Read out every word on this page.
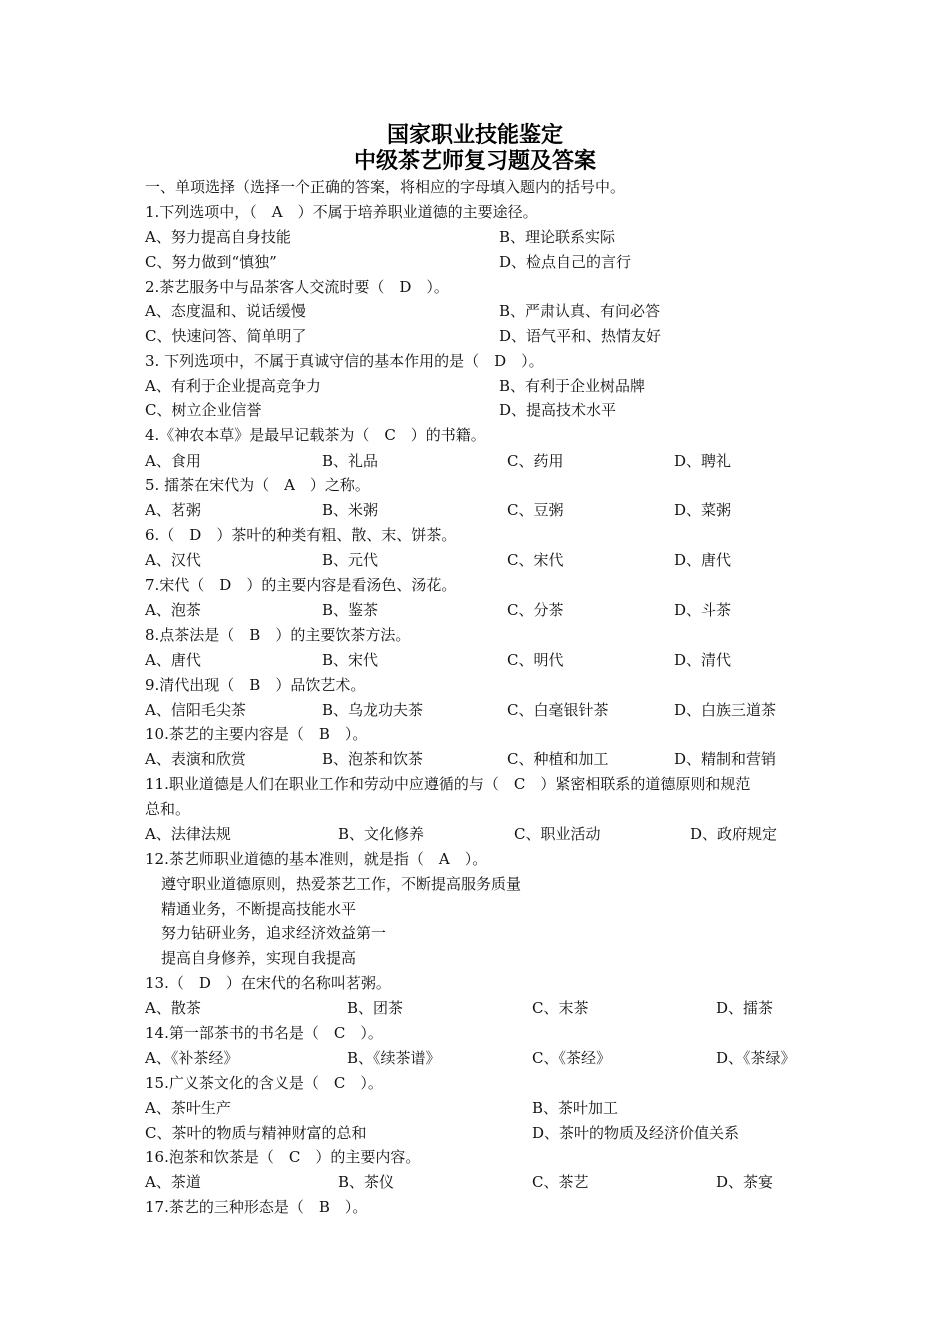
国家职业技能鉴定
中级茶艺师复习题及答案
一、单项选择（选择一个正确的答案，将相应的字母填入题内的括号中。
1.下列选项中，（　A　）不属于培养职业道德的主要途径。
A、努力提高自身技能	B、理论联系实际
C、努力做到“慎独”	D、检点自己的言行
2.茶艺服务中与品茶客人交流时要（　D　）。
A、态度温和、说话缓慢	B、严肃认真、有问必答
C、快速问答、简单明了	D、语气平和、热情友好
3. 下列选项中，不属于真诚守信的基本作用的是（　D　）。
A、有利于企业提高竞争力	B、有利于企业树品牌
C、树立企业信誉	D、提高技术水平
4.《神农本草》是最早记载茶为（　C　）的书籍。
A、食用	B、礼品	C、药用	D、聘礼
5. 擂茶在宋代为（　A　）之称。
A、茗粥	B、米粥	C、豆粥	D、菜粥
6.（　D　）茶叶的种类有粗、散、末、饼茶。
A、汉代	B、元代	C、宋代	D、唐代
7.宋代（　D　）的主要内容是看汤色、汤花。
A、泡茶	B、鉴茶	C、分茶	D、斗茶
8.点茶法是（　B　）的主要饮茶方法。
A、唐代	B、宋代	C、明代	D、清代
9.清代出现（　B　）品饮艺术。
A、信阳毛尖茶	B、乌龙功夫茶	C、白毫银针茶	D、白族三道茶
10.茶艺的主要内容是（　B　）。
A、表演和欣赏	B、泡茶和饮茶	C、种植和加工	D、精制和营销
11.职业道德是人们在职业工作和劳动中应遵循的与（　C　）紧密相联系的道德原则和规范
总和。
A、法律法规	B、文化修养	C、职业活动	D、政府规定
12.茶艺师职业道德的基本准则，就是指（　A　）。
遵守职业道德原则，热爱茶艺工作，不断提高服务质量
精通业务，不断提高技能水平
努力钻研业务，追求经济效益第一
提高自身修养，实现自我提高
13.（　D　）在宋代的名称叫茗粥。
A、散茶	B、团茶	C、末茶	D、擂茶
14.第一部茶书的书名是（　C　）。
A、《补茶经》	B、《续茶谱》	C、《茶经》	D、《茶绿》
15.广义茶文化的含义是（　C　）。
A、茶叶生产	B、茶叶加工
C、茶叶的物质与精神财富的总和	D、茶叶的物质及经济价值关系
16.泡茶和饮茶是（　C　）的主要内容。
A、茶道	B、茶仪	C、茶艺	D、茶宴
17.茶艺的三种形态是（　B　）。
